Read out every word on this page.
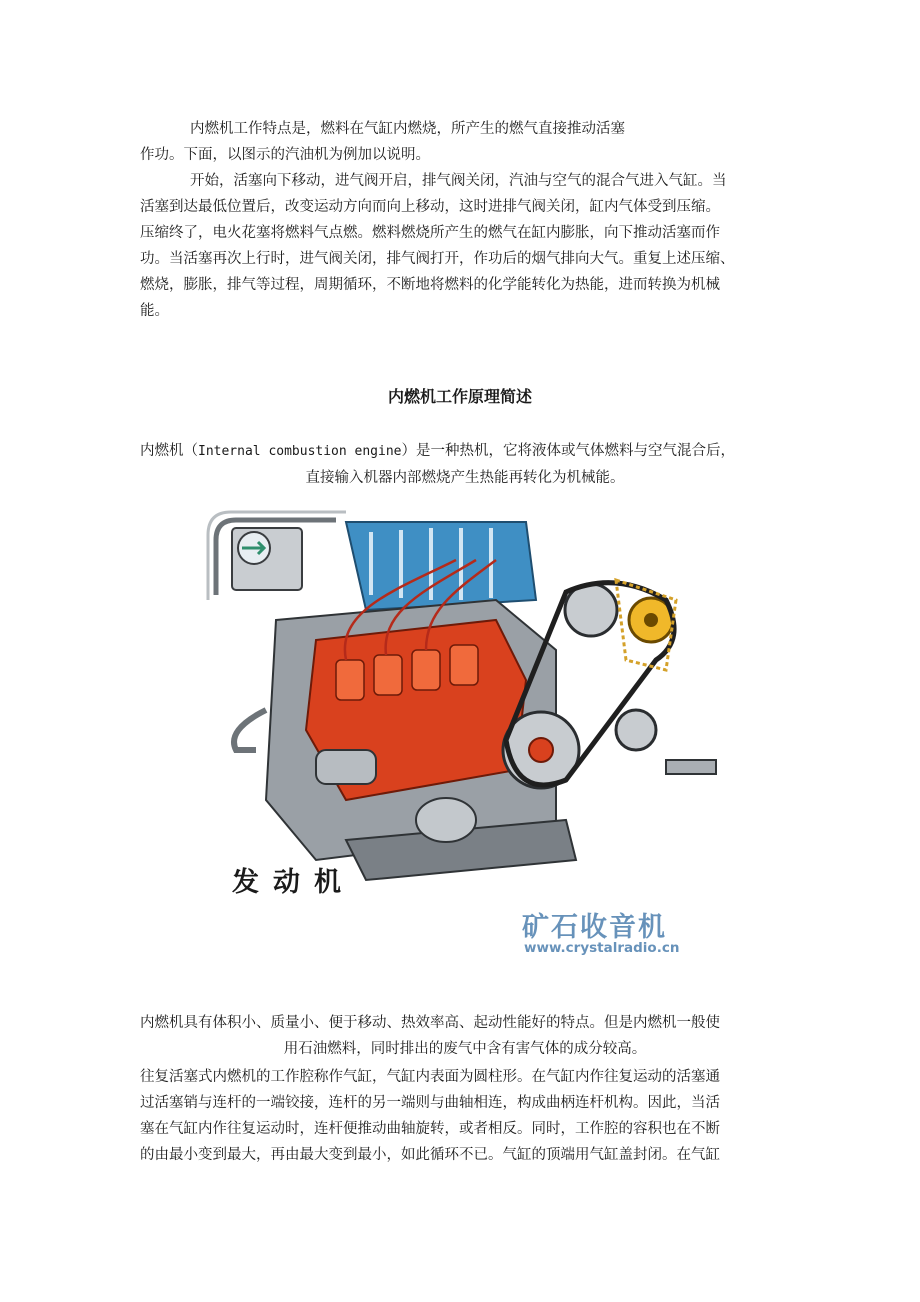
内燃机工作特点是，燃料在气缸内燃烧，所产生的燃气直接推动活塞
作功。下面，以图示的汽油机为例加以说明。
开始，活塞向下移动，进气阀开启，排气阀关闭，汽油与空气的混合气进入气缸。当
活塞到达最低位置后，改变运动方向而向上移动，这时进排气阀关闭，缸内气体受到压缩。
压缩终了，电火花塞将燃料气点燃。燃料燃烧所产生的燃气在缸内膨胀，向下推动活塞而作
功。当活塞再次上行时，进气阀关闭，排气阀打开，作功后的烟气排向大气。重复上述压缩、
燃烧，膨胀，排气等过程，周期循环，不断地将燃料的化学能转化为热能，进而转换为机械
能。
内燃机工作原理简述
内燃机（Internal combustion engine）是一种热机，它将液体或气体燃料与空气混合后，
直接输入机器内部燃烧产生热能再转化为机械能。
发动机
矿石收音机
www.crystalradio.cn
内燃机具有体积小、质量小、便于移动、热效率高、起动性能好的特点。但是内燃机一般使
用石油燃料，同时排出的废气中含有害气体的成分较高。
往复活塞式内燃机的工作腔称作气缸，气缸内表面为圆柱形。在气缸内作往复运动的活塞通
过活塞销与连杆的一端铰接，连杆的另一端则与曲轴相连，构成曲柄连杆机构。因此，当活
塞在气缸内作往复运动时，连杆便推动曲轴旋转，或者相反。同时，工作腔的容积也在不断
的由最小变到最大，再由最大变到最小，如此循环不已。气缸的顶端用气缸盖封闭。在气缸
